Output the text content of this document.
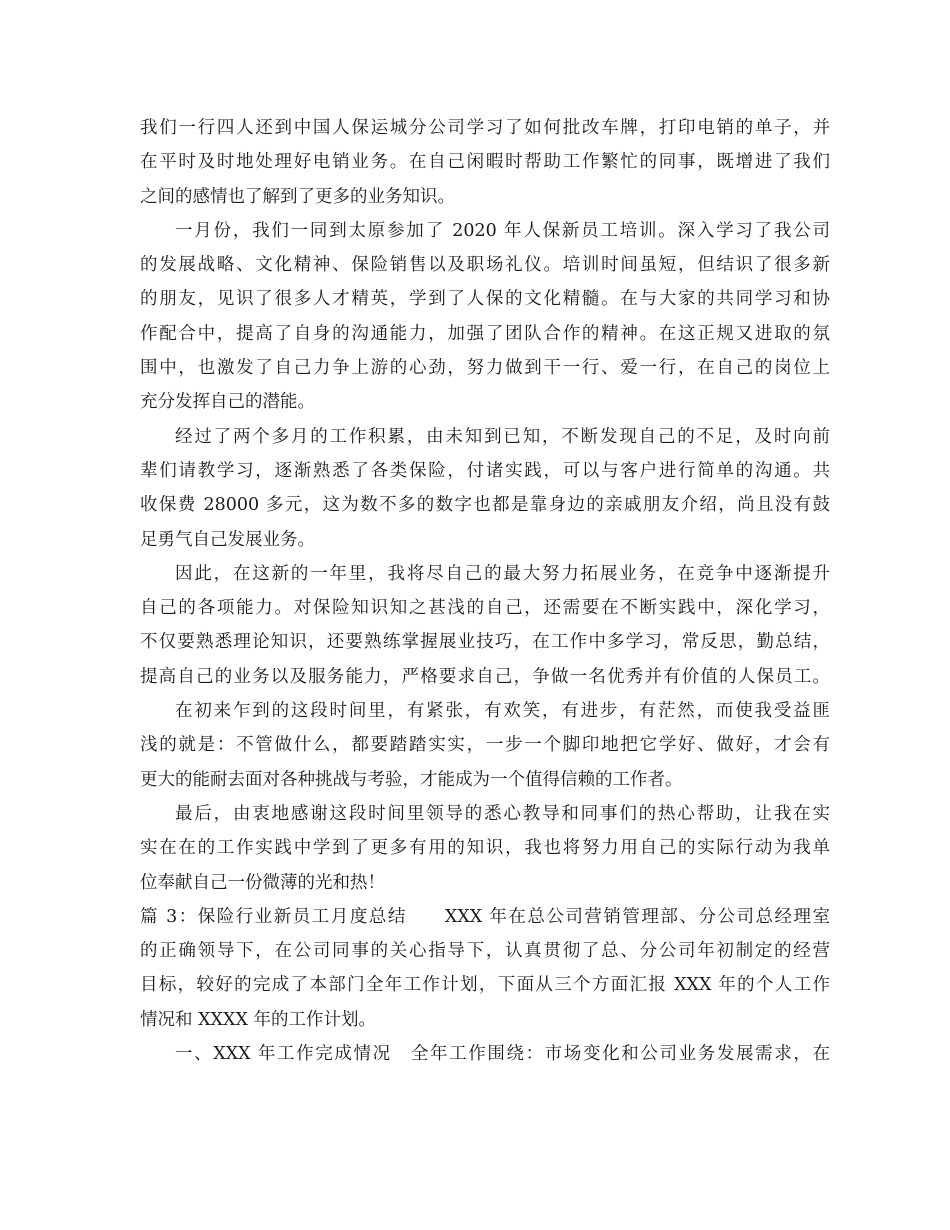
我们一行四人还到中国人保运城分公司学习了如何批改车牌，打印电销的单子，并
在平时及时地处理好电销业务。在自己闲暇时帮助工作繁忙的同事，既增进了我们
之间的感情也了解到了更多的业务知识。
一月份，我们一同到太原参加了 2020 年人保新员工培训。深入学习了我公司
的发展战略、文化精神、保险销售以及职场礼仪。培训时间虽短，但结识了很多新
的朋友，见识了很多人才精英，学到了人保的文化精髓。在与大家的共同学习和协
作配合中，提高了自身的沟通能力，加强了团队合作的精神。在这正规又进取的氛
围中，也激发了自己力争上游的心劲，努力做到干一行、爱一行，在自己的岗位上
充分发挥自己的潜能。
经过了两个多月的工作积累，由未知到已知，不断发现自己的不足，及时向前
辈们请教学习，逐渐熟悉了各类保险，付诸实践，可以与客户进行简单的沟通。共
收保费 28000 多元，这为数不多的数字也都是靠身边的亲戚朋友介绍，尚且没有鼓
足勇气自己发展业务。
因此，在这新的一年里，我将尽自己的最大努力拓展业务，在竞争中逐渐提升
自己的各项能力。对保险知识知之甚浅的自己，还需要在不断实践中，深化学习，
不仅要熟悉理论知识，还要熟练掌握展业技巧，在工作中多学习，常反思，勤总结，
提高自己的业务以及服务能力，严格要求自己，争做一名优秀并有价值的人保员工。
在初来乍到的这段时间里，有紧张，有欢笑，有进步，有茫然，而使我受益匪
浅的就是：不管做什么，都要踏踏实实，一步一个脚印地把它学好、做好，才会有
更大的能耐去面对各种挑战与考验，才能成为一个值得信赖的工作者。
最后，由衷地感谢这段时间里领导的悉心教导和同事们的热心帮助，让我在实
实在在的工作实践中学到了更多有用的知识，我也将努力用自己的实际行动为我单
位奉献自己一份微薄的光和热！
篇 3：保险行业新员工月度总结　　XXX 年在总公司营销管理部、分公司总经理室
的正确领导下，在公司同事的关心指导下，认真贯彻了总、分公司年初制定的经营
目标，较好的完成了本部门全年工作计划，下面从三个方面汇报 XXX 年的个人工作
情况和 XXXX 年的工作计划。
一、XXX 年工作完成情况　全年工作围绕：市场变化和公司业务发展需求，在
